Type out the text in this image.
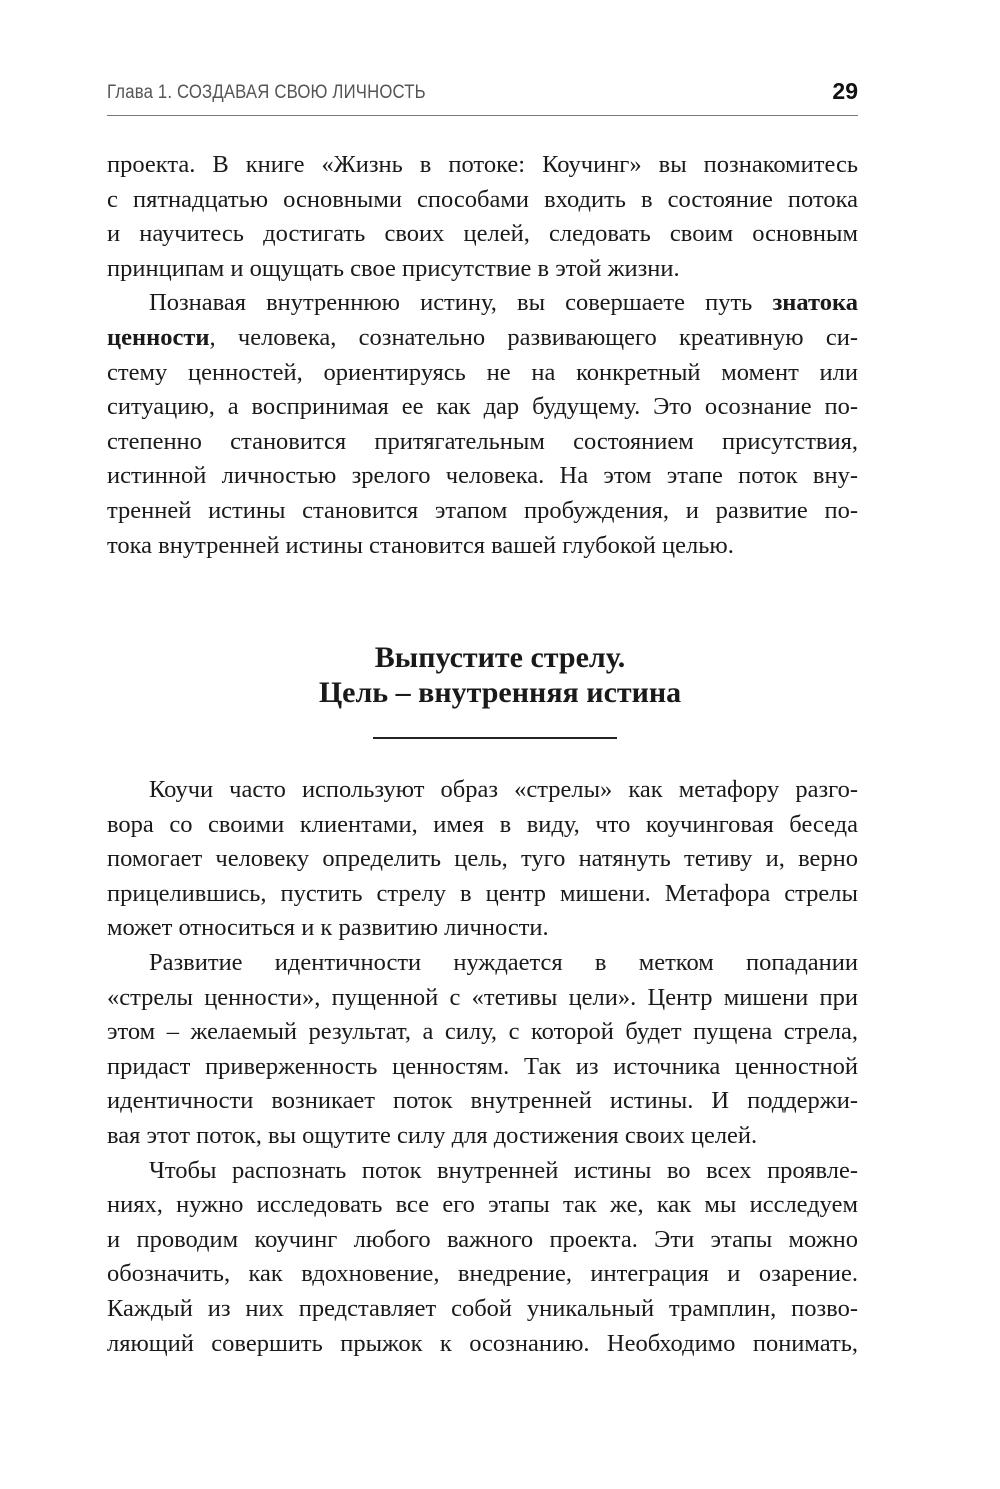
Глава 1. СОЗДАВАЯ СВОЮ ЛИЧНОСТЬ	29
проекта. В книге «Жизнь в потоке: Коучинг» вы познакомитесь
с пятнадцатью основными способами входить в состояние потока
и научитесь достигать своих целей, следовать своим основным
принципам и ощущать свое присутствие в этой жизни.
Познавая внутреннюю истину, вы совершаете путь знатока
ценности, человека, сознательно развивающего креативную си-
стему ценностей, ориентируясь не на конкретный момент или
ситуацию, а воспринимая ее как дар будущему. Это осознание по-
степенно становится притягательным состоянием присутствия,
истинной личностью зрелого человека. На этом этапе поток вну-
тренней истины становится этапом пробуждения, и развитие по-
тока внутренней истины становится вашей глубокой целью.
Выпустите стрелу.
Цель – внутренняя истина
Коучи часто используют образ «стрелы» как метафору разго-
вора со своими клиентами, имея в виду, что коучинговая беседа
помогает человеку определить цель, туго натянуть тетиву и, верно
прицелившись, пустить стрелу в центр мишени. Метафора стрелы
может относиться и к развитию личности.
Развитие идентичности нуждается в метком попадании
«стрелы ценности», пущенной с «тетивы цели». Центр мишени при
этом – желаемый результат, а силу, с которой будет пущена стрела,
придаст приверженность ценностям. Так из источника ценностной
идентичности возникает поток внутренней истины. И поддержи-
вая этот поток, вы ощутите силу для достижения своих целей.
Чтобы распознать поток внутренней истины во всех проявле-
ниях, нужно исследовать все его этапы так же, как мы исследуем
и проводим коучинг любого важного проекта. Эти этапы можно
обозначить, как вдохновение, внедрение, интеграция и озарение.
Каждый из них представляет собой уникальный трамплин, позво-
ляющий совершить прыжок к осознанию. Необходимо понимать,
